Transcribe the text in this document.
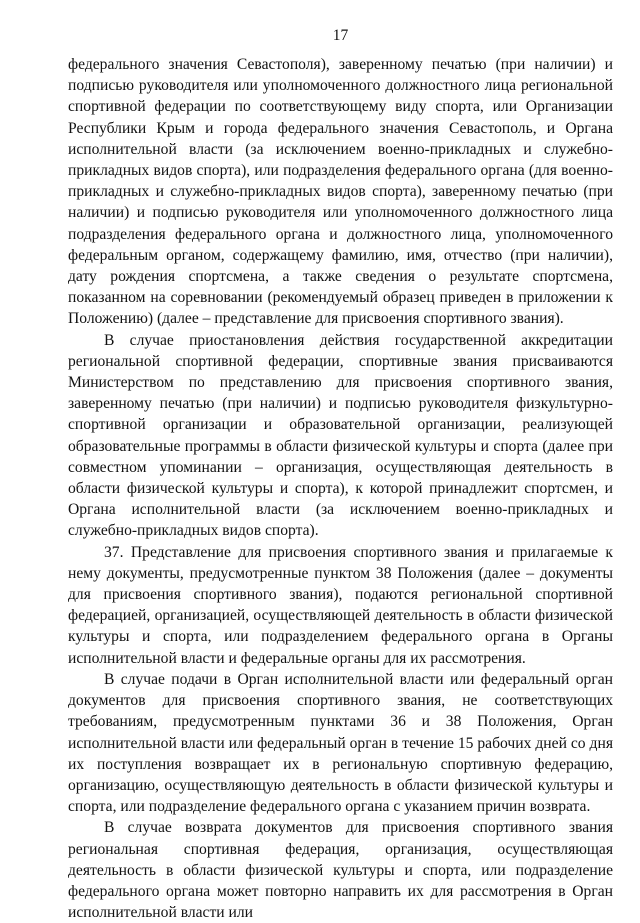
17

федерального значения Севастополя), заверенному печатью (при наличии) и подписью руководителя или уполномоченного должностного лица региональной спортивной федерации по соответствующему виду спорта, или Организации Республики Крым и города федерального значения Севастополь, и Органа исполнительной власти (за исключением военно-прикладных и служебно-прикладных видов спорта), или подразделения федерального органа (для военно-прикладных и служебно-прикладных видов спорта), заверенному печатью (при наличии) и подписью руководителя или уполномоченного должностного лица подразделения федерального органа и должностного лица, уполномоченного федеральным органом, содержащему фамилию, имя, отчество (при наличии), дату рождения спортсмена, а также сведения о результате спортсмена, показанном на соревновании (рекомендуемый образец приведен в приложении к Положению) (далее – представление для присвоения спортивного звания).

В случае приостановления действия государственной аккредитации региональной спортивной федерации, спортивные звания присваиваются Министерством по представлению для присвоения спортивного звания, заверенному печатью (при наличии) и подписью руководителя физкультурно-спортивной организации и образовательной организации, реализующей образовательные программы в области физической культуры и спорта (далее при совместном упоминании – организация, осуществляющая деятельность в области физической культуры и спорта), к которой принадлежит спортсмен, и Органа исполнительной власти (за исключением военно-прикладных и служебно-прикладных видов спорта).

37. Представление для присвоения спортивного звания и прилагаемые к нему документы, предусмотренные пунктом 38 Положения (далее – документы для присвоения спортивного звания), подаются региональной спортивной федерацией, организацией, осуществляющей деятельность в области физической культуры и спорта, или подразделением федерального органа в Органы исполнительной власти и федеральные органы для их рассмотрения.

В случае подачи в Орган исполнительной власти или федеральный орган документов для присвоения спортивного звания, не соответствующих требованиям, предусмотренным пунктами 36 и 38 Положения, Орган исполнительной власти или федеральный орган в течение 15 рабочих дней со дня их поступления возвращает их в региональную спортивную федерацию, организацию, осуществляющую деятельность в области физической культуры и спорта, или подразделение федерального органа с указанием причин возврата.

В случае возврата документов для присвоения спортивного звания региональная спортивная федерация, организация, осуществляющая деятельность в области физической культуры и спорта, или подразделение федерального органа может повторно направить их для рассмотрения в Орган исполнительной власти или
